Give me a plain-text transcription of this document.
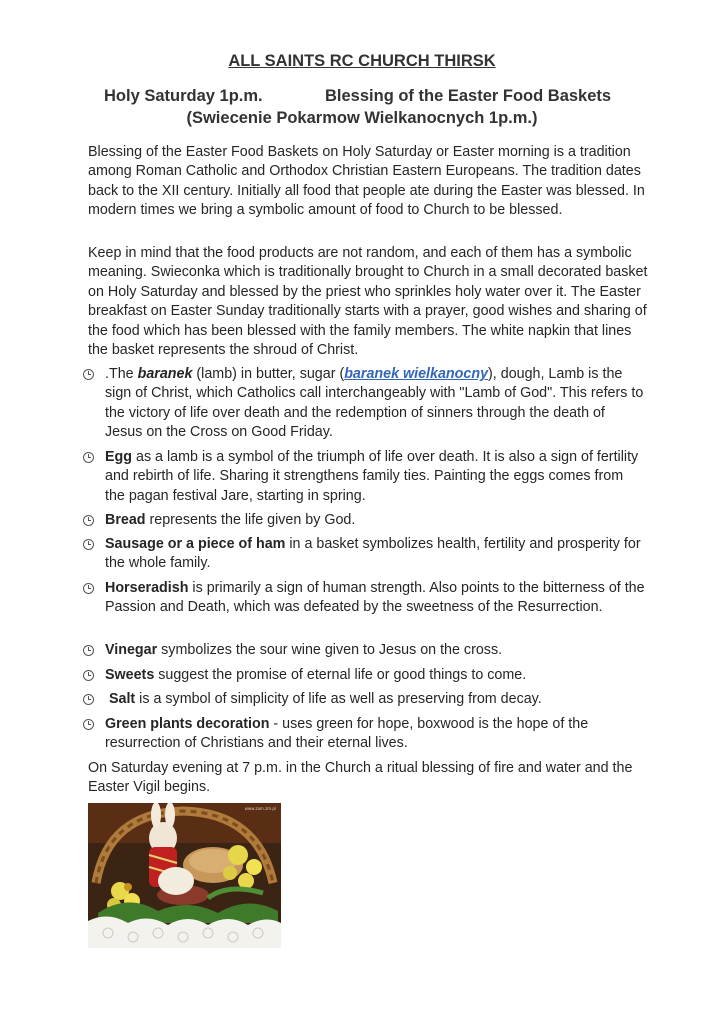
ALL SAINTS RC CHURCH THIRSK
Holy Saturday 1p.m.	Blessing of the Easter Food Baskets
(Swiecenie Pokarmow Wielkanocnych 1p.m.)

Blessing of the Easter Food Baskets on Holy Saturday or Easter morning is a tradition among Roman Catholic and Orthodox Christian Eastern Europeans. The tradition dates back to the XII century. Initially all food that people ate during the Easter was blessed. In modern times we bring a symbolic amount of food to Church to be blessed.

Keep in mind that the food products are not random, and each of them has a symbolic meaning. Swieconka which is traditionally brought to Church in a small decorated basket on Holy Saturday and blessed by the priest who sprinkles holy water over it. The Easter breakfast on Easter Sunday traditionally starts with a prayer, good wishes and sharing of the food which has been blessed with the family members. The white napkin that lines the basket represents the shroud of Christ.

.The baranek (lamb) in butter, sugar (baranek wielkanocny), dough, Lamb is the sign of Christ, which Catholics call interchangeably with "Lamb of God". This refers to the victory of life over death and the redemption of sinners through the death of Jesus on the Cross on Good Friday.
Egg as a lamb is a symbol of the triumph of life over death. It is also a sign of fertility and rebirth of life. Sharing it strengthens family ties. Painting the eggs comes from the pagan festival Jare, starting in spring.
Bread represents the life given by God.
Sausage or a piece of ham in a basket symbolizes health, fertility and prosperity for the whole family.
Horseradish is primarily a sign of human strength. Also points to the bitterness of the Passion and Death, which was defeated by the sweetness of the Resurrection.
Vinegar symbolizes the sour wine given to Jesus on the cross.
Sweets suggest the promise of eternal life or good things to come.
Salt is a symbol of simplicity of life as well as preserving from decay.
Green plants decoration - uses green for hope, boxwood is the hope of the resurrection of Christians and their eternal lives.

On Saturday evening at 7 p.m. in the Church a ritual blessing of fire and water and the Easter Vigil begins.

www.zam.zm.pl
